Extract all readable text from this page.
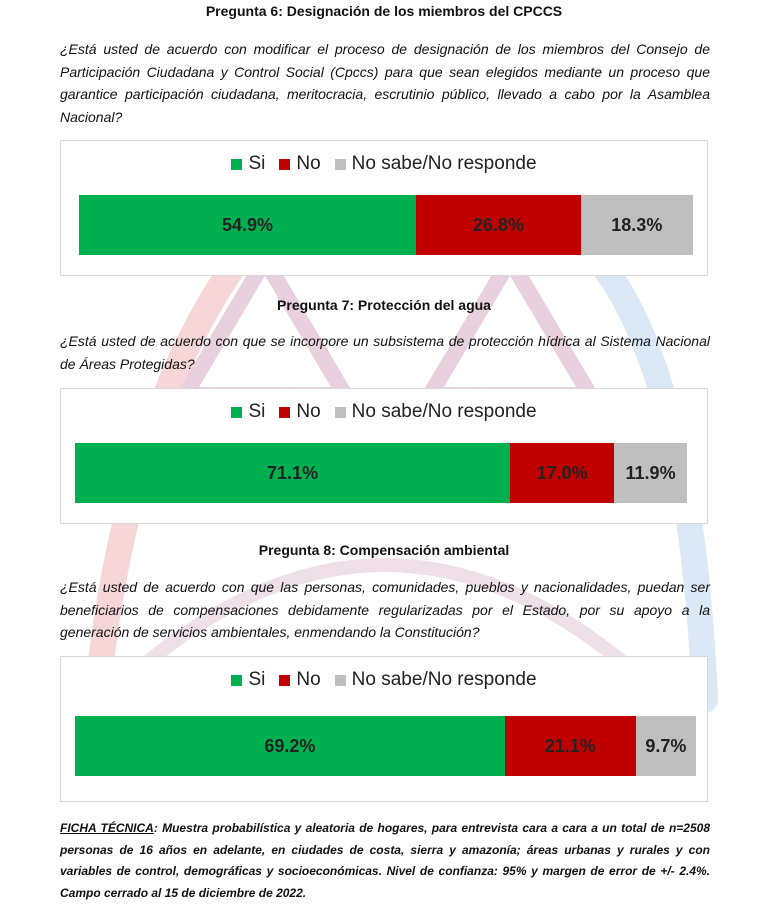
Pregunta 6: Designación de los miembros del CPCCS
¿Está usted de acuerdo con modificar el proceso de designación de los miembros del Consejo de Participación Ciudadana y Control Social (Cpccs) para que sean elegidos mediante un proceso que garantice participación ciudadana, meritocracia, escrutinio público, llevado a cabo por la Asamblea Nacional?
Si No No sabe/No responde
54.9%	26.8%	18.3%
Pregunta 7: Protección del agua
¿Está usted de acuerdo con que se incorpore un subsistema de protección hídrica al Sistema Nacional de Áreas Protegidas?
Si No No sabe/No responde
71.1%	17.0% 11.9%
Pregunta 8: Compensación ambiental
¿Está usted de acuerdo con que las personas, comunidades, pueblos y nacionalidades, puedan ser beneficiarios de compensaciones debidamente regularizadas por el Estado, por su apoyo a la generación de servicios ambientales, enmendando la Constitución?
Si No No sabe/No responde
69.2%	21.1%	9.7%
FICHA TÉCNICA: Muestra probabilística y aleatoria de hogares, para entrevista cara a cara a un total de n=2508 personas de 16 años en adelante, en ciudades de costa, sierra y amazonía; áreas urbanas y rurales y con variables de control, demográficas y socioeconómicas. Nivel de confianza: 95% y margen de error de +/- 2.4%. Campo cerrado al 15 de diciembre de 2022.
